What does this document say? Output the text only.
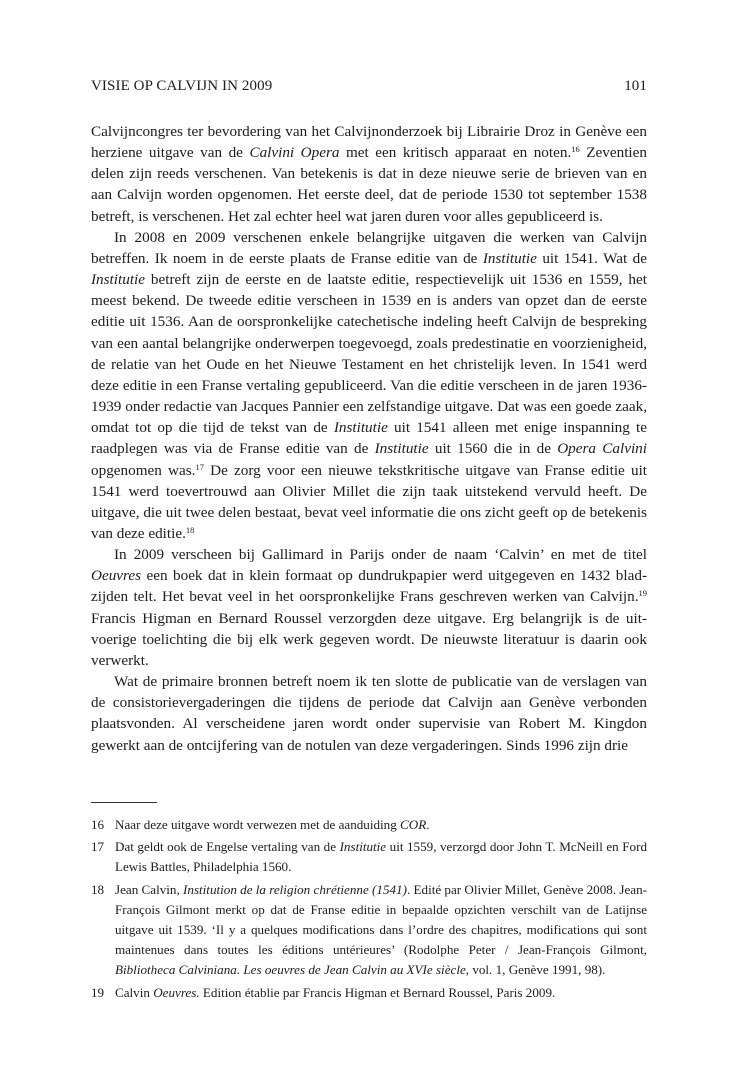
VISIE OP CALVIJN IN 2009	101

Calvijncongres ter bevordering van het Calvijnonderzoek bij Librairie Droz in Genève een herziene uitgave van de Calvini Opera met een kritisch apparaat en noten.$^{16}$ Zeventien delen zijn reeds verschenen. Van betekenis is dat in deze nieuwe serie de brieven van en aan Calvijn worden opgenomen. Het eerste deel, dat de periode 1530 tot september 1538 betreft, is verschenen. Het zal echter heel wat jaren duren voor alles gepubliceerd is.

In 2008 en 2009 verschenen enkele belangrijke uitgaven die werken van Calvijn betreffen. Ik noem in de eerste plaats de Franse editie van de Institutie uit 1541. Wat de Institutie betreft zijn de eerste en de laatste editie, respectievelijk uit 1536 en 1559, het meest bekend. De tweede editie verscheen in 1539 en is anders van opzet dan de eerste editie uit 1536. Aan de oorspronkelijke catechetische indeling heeft Calvijn de bespreking van een aantal belangrijke onderwerpen toegevoegd, zoals predestinatie en voorzienigheid, de relatie van het Oude en het Nieuwe Testament en het christelijk leven. In 1541 werd deze editie in een Franse vertaling gepubliceerd. Van die editie verscheen in de jaren 1936-1939 onder redactie van Jacques Pannier een zelfstandige uitgave. Dat was een goede zaak, omdat tot op die tijd de tekst van de Institutie uit 1541 alleen met enige inspanning te raadplegen was via de Franse editie van de Institutie uit 1560 die in de Opera Calvini opgenomen was.$^{17}$ De zorg voor een nieuwe tekstkritische uitgave van Franse editie uit 1541 werd toevertrouwd aan Olivier Millet die zijn taak uitstekend vervuld heeft. De uitgave, die uit twee delen bestaat, bevat veel informatie die ons zicht geeft op de betekenis van deze editie.$^{18}$

In 2009 verscheen bij Gallimard in Parijs onder de naam ‘Calvin’ en met de titel Oeuvres een boek dat in klein formaat op dundrukpapier werd uitgegeven en 1432 bladzijden telt. Het bevat veel in het oorspronkelijke Frans geschreven werken van Calvijn.$^{19}$ Francis Higman en Bernard Roussel verzorgden deze uitgave. Erg belangrijk is de uitvoerige toelichting die bij elk werk gegeven wordt. De nieuwste literatuur is daarin ook verwerkt.

Wat de primaire bronnen betreft noem ik ten slotte de publicatie van de verslagen van de consistorievergaderingen die tijdens de periode dat Calvijn aan Genève verbonden plaatsvonden. Al verscheidene jaren wordt onder supervisie van Robert M. Kingdon gewerkt aan de ontcijfering van de notulen van deze vergaderingen. Sinds 1996 zijn drie

16 Naar deze uitgave wordt verwezen met de aanduiding COR.
17 Dat geldt ook de Engelse vertaling van de Institutie uit 1559, verzorgd door John T. McNeill en Ford Lewis Battles, Philadelphia 1560.
18 Jean Calvin, Institution de la religion chrétienne (1541). Edité par Olivier Millet, Genève 2008. Jean-François Gilmont merkt op dat de Franse editie in bepaalde opzichten verschilt van de Latijnse uitgave uit 1539. ‘Il y a quelques modifications dans l’ordre des chapitres, modifications qui sont maintenues dans toutes les éditions untérieures’ (Rodolphe Peter / Jean-François Gilmont, Bibliotheca Calviniana. Les oeuvres de Jean Calvin au XVIe siècle, vol. 1, Genève 1991, 98).
19 Calvin Oeuvres. Edition établie par Francis Higman et Bernard Roussel, Paris 2009.
